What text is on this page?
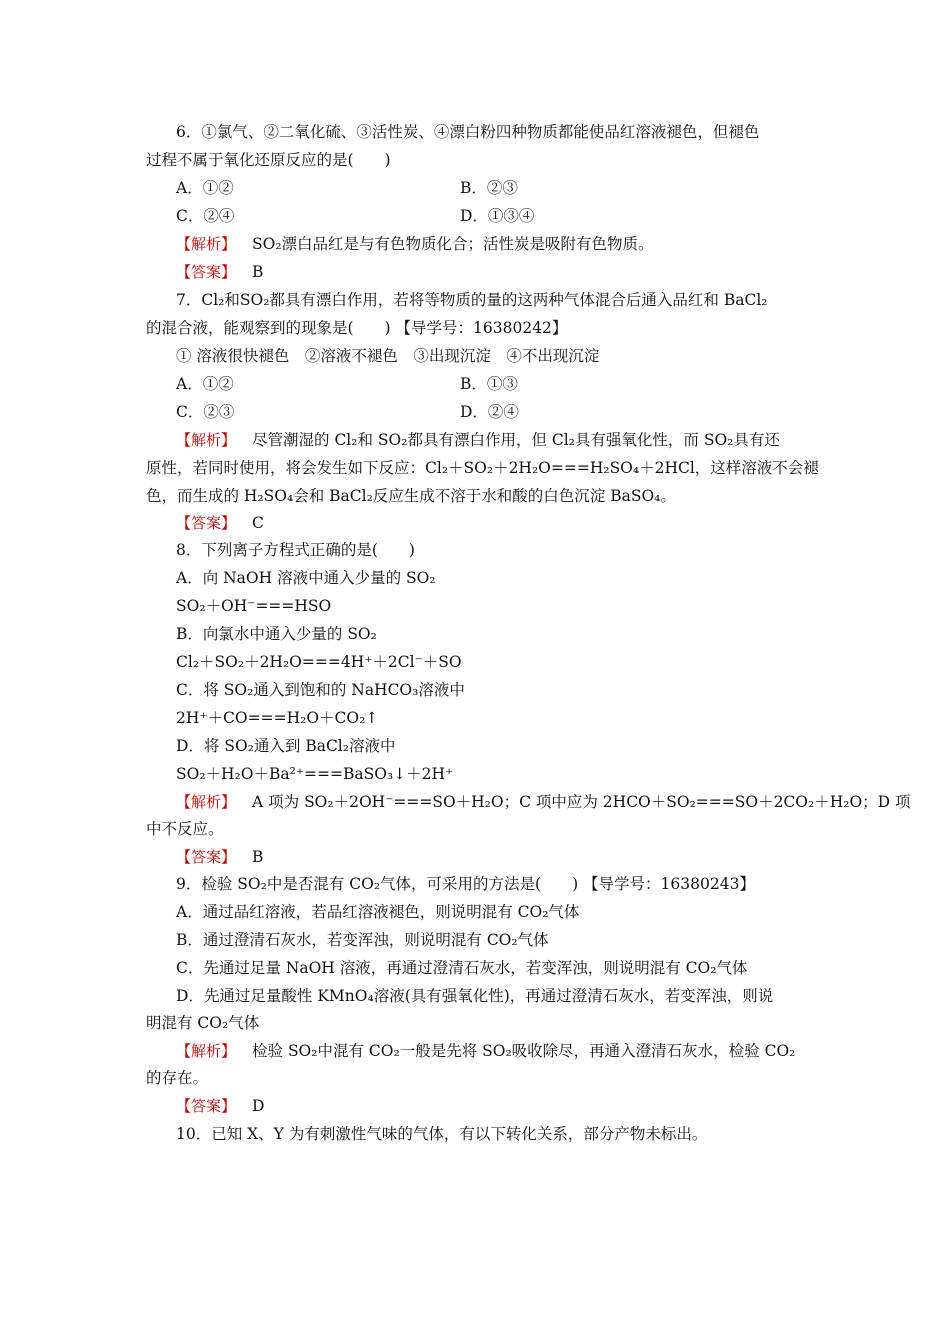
6．①氯气、②二氧化硫、③活性炭、④漂白粉四种物质都能使品红溶液褪色，但褪色
过程不属于氧化还原反应的是(　　)
A．①②	B．②③
C．②④	D．①③④
【解析】 SO₂漂白品红是与有色物质化合；活性炭是吸附有色物质。
【答案】 B
7．Cl₂和SO₂都具有漂白作用，若将等物质的量的这两种气体混合后通入品红和 BaCl₂
的混合液，能观察到的现象是(　　) 【导学号：16380242】
① 溶液很快褪色　②溶液不褪色　③出现沉淀　④不出现沉淀
A．①②	B．①③
C．②③	D．②④
【解析】 尽管潮湿的 Cl₂和 SO₂都具有漂白作用，但 Cl₂具有强氧化性，而 SO₂具有还
原性，若同时使用，将会发生如下反应：Cl₂＋SO₂＋2H₂O===H₂SO₄＋2HCl，这样溶液不会褪
色，而生成的 H₂SO₄会和 BaCl₂反应生成不溶于水和酸的白色沉淀 BaSO₄。
【答案】 C
8．下列离子方程式正确的是(　　)
A．向 NaOH 溶液中通入少量的 SO₂
SO₂＋OH⁻===HSO
B．向氯水中通入少量的 SO₂
Cl₂＋SO₂＋2H₂O===4H⁺＋2Cl⁻＋SO
C．将 SO₂通入到饱和的 NaHCO₃溶液中
2H⁺＋CO===H₂O＋CO₂↑
D．将 SO₂通入到 BaCl₂溶液中
SO₂＋H₂O＋Ba²⁺===BaSO₃↓＋2H⁺
【解析】 A 项为 SO₂＋2OH⁻===SO＋H₂O；C 项中应为 2HCO＋SO₂===SO＋2CO₂＋H₂O；D 项
中不反应。
【答案】 B
9．检验 SO₂中是否混有 CO₂气体，可采用的方法是(　　) 【导学号：16380243】
A．通过品红溶液，若品红溶液褪色，则说明混有 CO₂气体
B．通过澄清石灰水，若变浑浊，则说明混有 CO₂气体
C．先通过足量 NaOH 溶液，再通过澄清石灰水，若变浑浊，则说明混有 CO₂气体
D．先通过足量酸性 KMnO₄溶液(具有强氧化性)，再通过澄清石灰水，若变浑浊，则说
明混有 CO₂气体
【解析】 检验 SO₂中混有 CO₂一般是先将 SO₂吸收除尽，再通入澄清石灰水，检验 CO₂
的存在。
【答案】 D
10．已知 X、Y 为有刺激性气味的气体，有以下转化关系，部分产物未标出。
